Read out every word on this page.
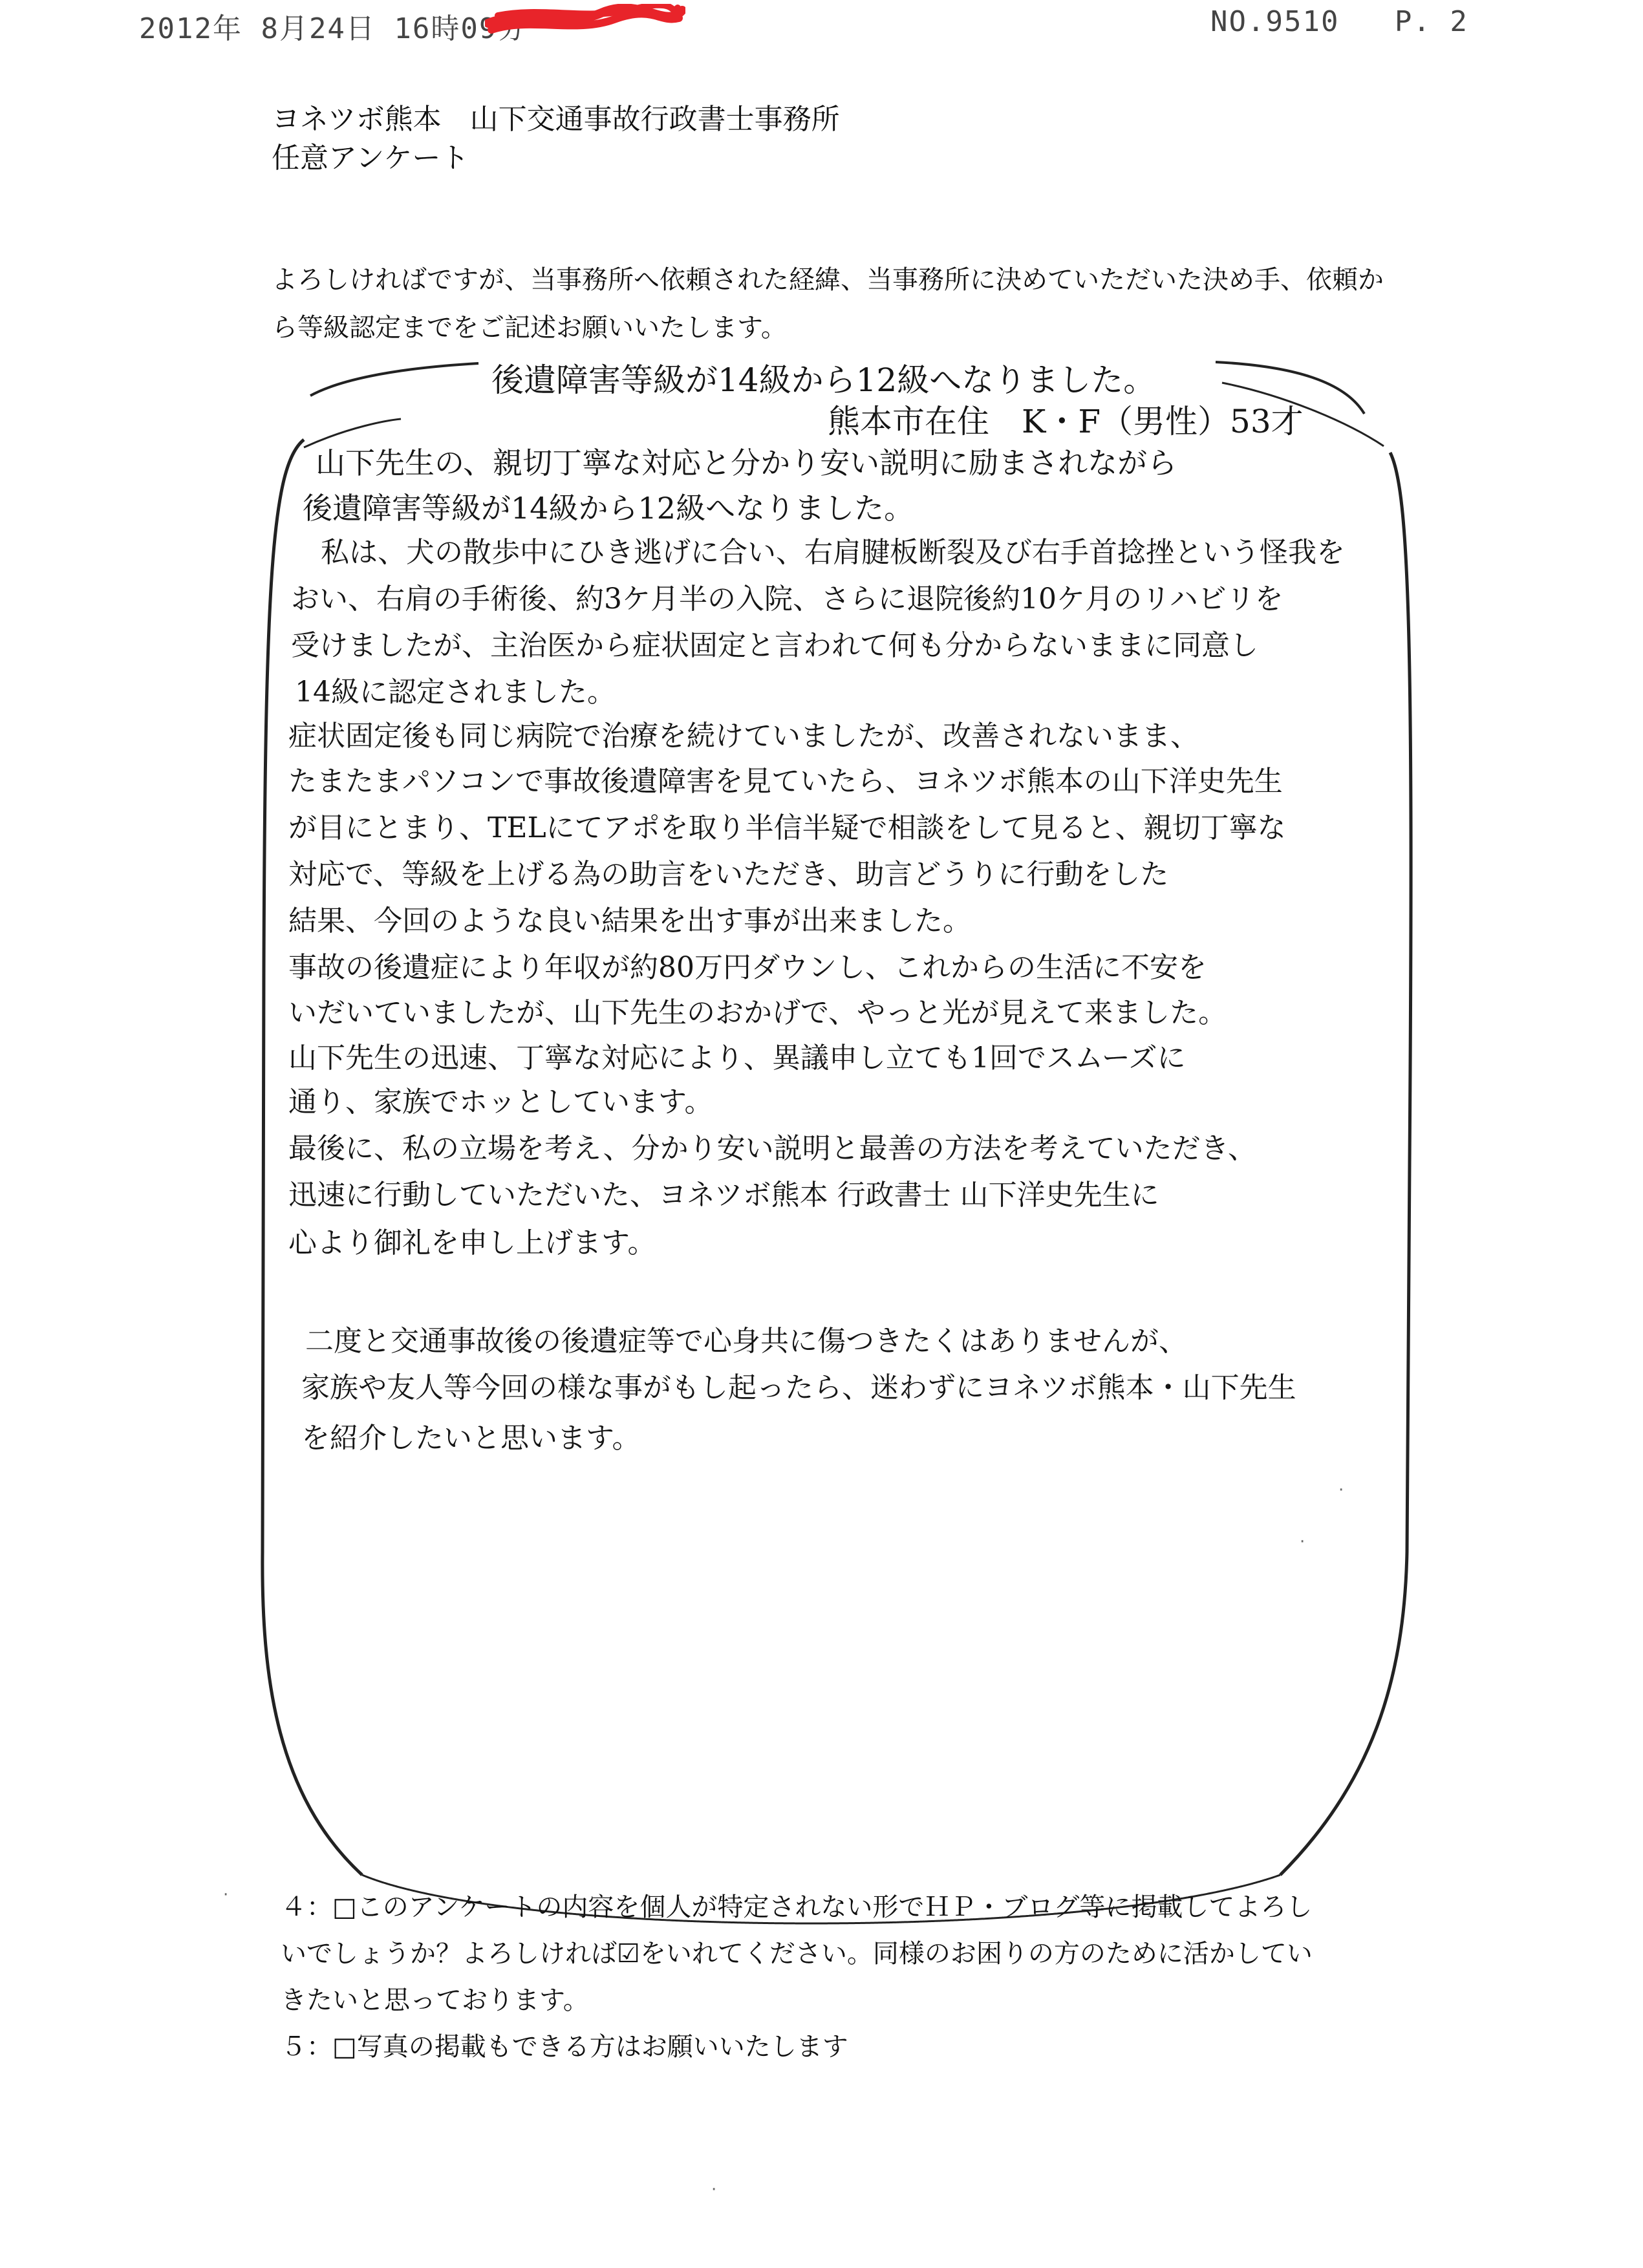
2012年 8月24日 16時09分	NO.9510   P. 2
ヨネツボ熊本　山下交通事故行政書士事務所
任意アンケート
よろしければですが、当事務所へ依頼された経緯、当事務所に決めていただいた決め手、依頼か
ら等級認定までをご記述お願いいたします。
後遺障害等級が14級から12級へなりました。
熊本市在住　K・F（男性）53才
山下先生の、親切丁寧な対応と分かり安い説明に励まされながら
後遺障害等級が14級から12級へなりました。
私は、犬の散歩中にひき逃げに合い、右肩腱板断裂及び右手首捻挫という怪我を
おい、右肩の手術後、約3ケ月半の入院、さらに退院後約10ケ月のリハビリを
受けましたが、主治医から症状固定と言われて何も分からないままに同意し
14級に認定されました。
症状固定後も同じ病院で治療を続けていましたが、改善されないまま、
たまたまパソコンで事故後遺障害を見ていたら、ヨネツボ熊本の山下洋史先生
が目にとまり、TELにてアポを取り半信半疑で相談をして見ると、親切丁寧な
対応で、等級を上げる為の助言をいただき、助言どうりに行動をした
結果、今回のような良い結果を出す事が出来ました。
事故の後遺症により年収が約80万円ダウンし、これからの生活に不安を
いだいていましたが、山下先生のおかげで、やっと光が見えて来ました。
山下先生の迅速、丁寧な対応により、異議申し立ても1回でスムーズに
通り、家族でホッとしています。
最後に、私の立場を考え、分かり安い説明と最善の方法を考えていただき、
迅速に行動していただいた、ヨネツボ熊本 行政書士 山下洋史先生に
心より御礼を申し上げます。
二度と交通事故後の後遺症等で心身共に傷つきたくはありませんが、
家族や友人等今回の様な事がもし起ったら、迷わずにヨネツボ熊本・山下先生
を紹介したいと思います。
·
·
·
· ４：□このアンケートの内容を個人が特定されない形でＨＰ・ブログ等に掲載してよろし
いでしょうか？よろしければ☑をいれてください。同様のお困りの方のために活かしてい
きたいと思っております。
５：□写真の掲載もできる方はお願いいたします
